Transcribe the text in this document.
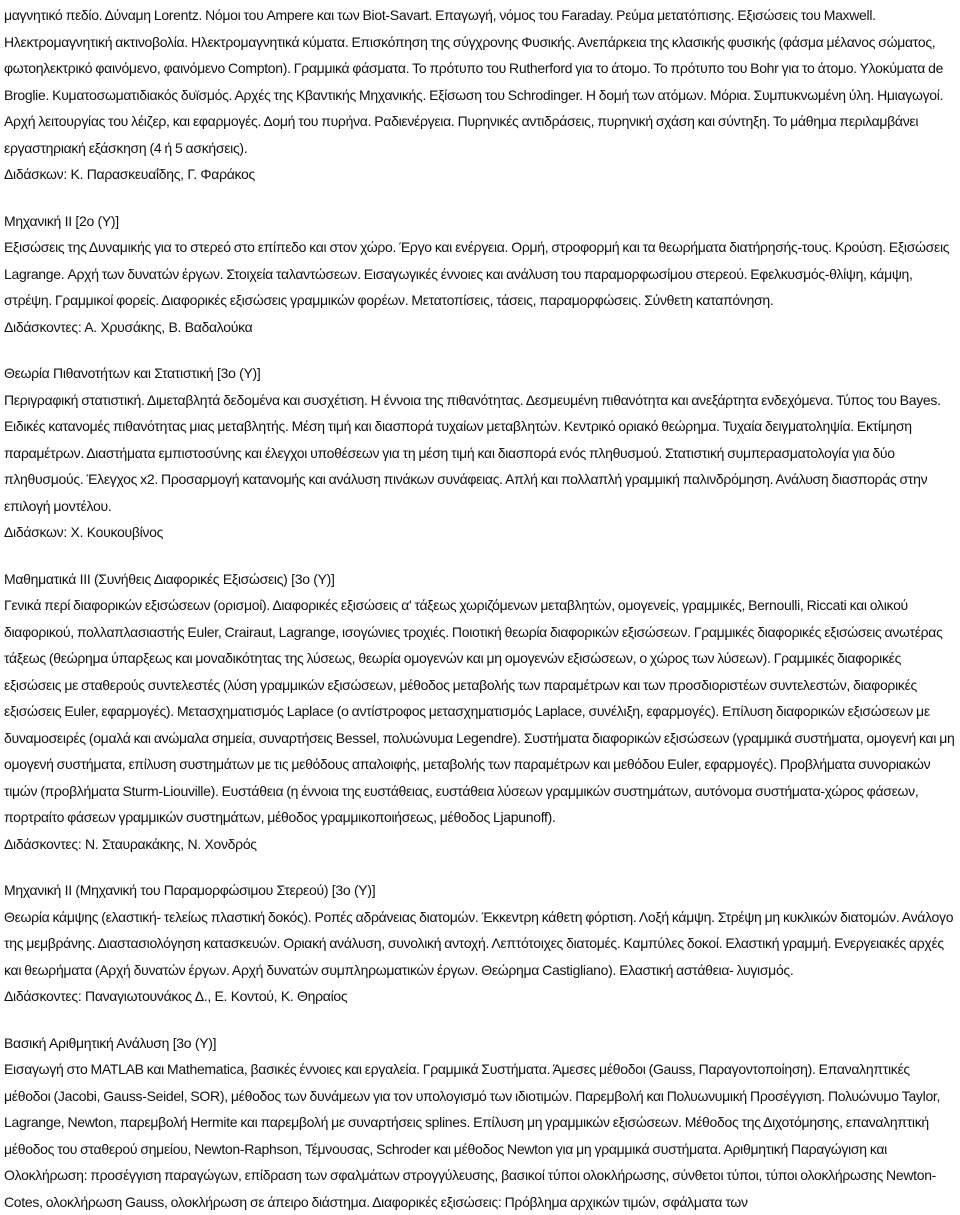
μαγνητικό πεδίο. Δύναμη Lorentz. Νόμοι του Ampere και των Biot-Savart. Επαγωγή, νόμος του Faraday. Ρεύμα μετατόπισης. Εξισώσεις του Maxwell. Ηλεκτρομαγνητική ακτινοβολία. Ηλεκτρομαγνητικά κύματα. Επισκόπηση της σύγχρονης Φυσικής. Ανεπάρκεια της κλασικής φυσικής (φάσμα μέλανος σώματος, φωτοηλεκτρικό φαινόμενο, φαινόμενο Compton). Γραμμικά φάσματα. Το πρότυπο του Rutherford για το άτομο. Το πρότυπο του Bohr για το άτομο. Υλοκύματα de Broglie. Κυματοσωματιδιακός δυϊσμός. Αρχές της Κβαντικής Μηχανικής. Εξίσωση του Schrodinger. Η δομή των ατόμων. Μόρια. Συμπυκνωμένη ύλη. Ημιαγωγοί. Αρχή λειτουργίας του λέιζερ, και εφαρμογές. Δομή του πυρήνα. Ραδιενέργεια. Πυρηνικές αντιδράσεις, πυρηνική σχάση και σύντηξη. Το μάθημα περιλαμβάνει εργαστηριακή εξάσκηση (4 ή 5 ασκήσεις).

Διδάσκων: Κ. Παρασκευαΐδης, Γ. Φαράκος

Μηχανική ΙΙ [2ο (Υ)]

Εξισώσεις της Δυναμικής για το στερεό στο επίπεδο και στον χώρο. Έργο και ενέργεια. Ορμή, στροφορμή και τα θεωρήματα διατήρησής-τους. Κρούση. Εξισώσεις Lagrange. Αρχή των δυνατών έργων. Στοιχεία ταλαντώσεων. Εισαγωγικές έννοιες και ανάλυση του παραμορφωσίμου στερεού. Εφελκυσμός-θλίψη, κάμψη, στρέψη. Γραμμικοί φορείς. Διαφορικές εξισώσεις γραμμικών φορέων. Μετατοπίσεις, τάσεις, παραμορφώσεις. Σύνθετη καταπόνηση.

Διδάσκοντες: Α. Χρυσάκης, Β. Βαδαλούκα

Θεωρία Πιθανοτήτων και Στατιστική [3ο (Υ)]

Περιγραφική στατιστική. Διμεταβλητά δεδομένα και συσχέτιση. Η έννοια της πιθανότητας. Δεσμευμένη πιθανότητα και ανεξάρτητα ενδεχόμενα. Τύπος του Bayes. Ειδικές κατανομές πιθανότητας μιας μεταβλητής. Μέση τιμή και διασπορά τυχαίων μεταβλητών. Κεντρικό οριακό θεώρημα. Τυχαία δειγματοληψία. Εκτίμηση παραμέτρων. Διαστήματα εμπιστοσύνης και έλεγχοι υποθέσεων για τη μέση τιμή και διασπορά ενός πληθυσμού. Στατιστική συμπερασματολογία για δύο πληθυσμούς. Έλεγχος x2. Προσαρμογή κατανομής και ανάλυση πινάκων συνάφειας. Απλή και πολλαπλή γραμμική παλινδρόμηση. Ανάλυση διασποράς στην επιλογή μοντέλου.

Διδάσκων: Χ. Κουκουβίνος

Μαθηματικά ΙΙΙ (Συνήθεις Διαφορικές Εξισώσεις) [3ο (Υ)]

Γενικά περί διαφορικών εξισώσεων (ορισμοί). Διαφορικές εξισώσεις α' τάξεως χωριζόμενων μεταβλητών, ομογενείς, γραμμικές, Bernoulli, Riccati και ολικού διαφορικού, πολλαπλασιαστής Euler, Crairaut, Lagrange, ισογώνιες τροχιές. Ποιοτική θεωρία διαφορικών εξισώσεων. Γραμμικές διαφορικές εξισώσεις ανωτέρας τάξεως (θεώρημα ύπαρξεως και μοναδικότητας της λύσεως, θεωρία ομογενών και μη ομογενών εξισώσεων, ο χώρος των λύσεων). Γραμμικές διαφορικές εξισώσεις με σταθερούς συντελεστές (λύση γραμμικών εξισώσεων, μέθοδος μεταβολής των παραμέτρων και των προσδιοριστέων συντελεστών, διαφορικές εξισώσεις Euler, εφαρμογές). Μετασχηματισμός Laplace (ο αντίστροφος μετασχηματισμός Laplace, συνέλιξη, εφαρμογές). Επίλυση διαφορικών εξισώσεων με δυναμοσειρές (ομαλά και ανώμαλα σημεία, συναρτήσεις Bessel, πολυώνυμα Legendre). Συστήματα διαφορικών εξισώσεων (γραμμικά συστήματα, ομογενή και μη ομογενή συστήματα, επίλυση συστημάτων με τις μεθόδους απαλοιφής, μεταβολής των παραμέτρων και μεθόδου Euler, εφαρμογές). Προβλήματα συνοριακών τιμών (προβλήματα Sturm-Liouville). Ευστάθεια (η έννοια της ευστάθειας, ευστάθεια λύσεων γραμμικών συστημάτων, αυτόνομα συστήματα-χώρος φάσεων, πορτραίτο φάσεων γραμμικών συστημάτων, μέθοδος γραμμικοποιήσεως, μέθοδος Ljapunoff).

Διδάσκοντες: Ν. Σταυρακάκης, Ν. Χονδρός

Μηχανική ΙΙ (Μηχανική του Παραμορφώσιμου Στερεού) [3ο (Υ)]

Θεωρία κάμψης (ελαστική- τελείως πλαστική δοκός). Ροπές αδράνειας διατομών. Έκκεντρη κάθετη φόρτιση. Λοξή κάμψη. Στρέψη μη κυκλικών διατομών. Ανάλογο της μεμβράνης. Διαστασιολόγηση κατασκευών. Οριακή ανάλυση, συνολική αντοχή. Λεπτότοιχες διατομές. Καμπύλες δοκοί. Ελαστική γραμμή. Ενεργειακές αρχές και θεωρήματα (Αρχή δυνατών έργων. Αρχή δυνατών συμπληρωματικών έργων. Θεώρημα Castigliano). Ελαστική αστάθεια- λυγισμός.

Διδάσκοντες: Παναγιωτουνάκος Δ., Ε. Κοντού, Κ. Θηραίος

Βασική Αριθμητική Ανάλυση [3ο (Υ)]

Εισαγωγή στο MATLAB και Mathematica, βασικές έννοιες και εργαλεία. Γραμμικά Συστήματα. Άμεσες μέθοδοι (Gauss, Παραγοντοποίηση). Επαναληπτικές μέθοδοι (Jacobi, Gauss-Seidel, SOR), μέθοδος των δυνάμεων για τον υπολογισμό των ιδιοτιμών. Παρεμβολή και Πολυωνυμική Προσέγγιση. Πολυώνυμο Taylor, Lagrange, Newton, παρεμβολή Hermite και παρεμβολή με συναρτήσεις splines. Επίλυση μη γραμμικών εξισώσεων. Μέθοδος της Διχοτόμησης, επαναληπτική μέθοδος του σταθερού σημείου, Newton-Raphson, Τέμνουσας, Schroder και μέθοδος Newton για μη γραμμικά συστήματα. Αριθμητική Παραγώγιση και Ολοκλήρωση: προσέγγιση παραγώγων, επίδραση των σφαλμάτων στρογγύλευσης, βασικοί τύποι ολοκλήρωσης, σύνθετοι τύποι, τύποι ολοκλήρωσης Newton-Cotes, ολοκλήρωση Gauss, ολοκλήρωση σε άπειρο διάστημα. Διαφορικές εξισώσεις: Πρόβλημα αρχικών τιμών, σφάλματα των
